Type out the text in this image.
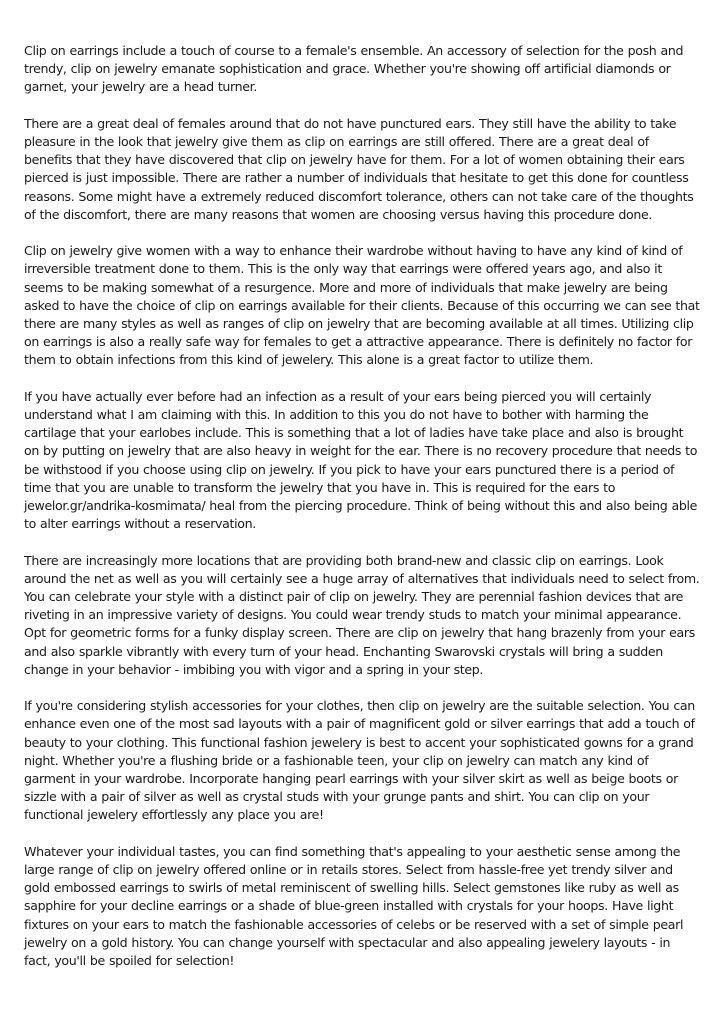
Clip on earrings include a touch of course to a female's ensemble. An accessory of selection for the posh and trendy, clip on jewelry emanate sophistication and grace. Whether you're showing off artificial diamonds or garnet, your jewelry are a head turner.

There are a great deal of females around that do not have punctured ears. They still have the ability to take pleasure in the look that jewelry give them as clip on earrings are still offered. There are a great deal of benefits that they have discovered that clip on jewelry have for them. For a lot of women obtaining their ears pierced is just impossible. There are rather a number of individuals that hesitate to get this done for countless reasons. Some might have a extremely reduced discomfort tolerance, others can not take care of the thoughts of the discomfort, there are many reasons that women are choosing versus having this procedure done.

Clip on jewelry give women with a way to enhance their wardrobe without having to have any kind of kind of irreversible treatment done to them. This is the only way that earrings were offered years ago, and also it seems to be making somewhat of a resurgence. More and more of individuals that make jewelry are being asked to have the choice of clip on earrings available for their clients. Because of this occurring we can see that there are many styles as well as ranges of clip on jewelry that are becoming available at all times. Utilizing clip on earrings is also a really safe way for females to get a attractive appearance. There is definitely no factor for them to obtain infections from this kind of jewelery. This alone is a great factor to utilize them.

If you have actually ever before had an infection as a result of your ears being pierced you will certainly understand what I am claiming with this. In addition to this you do not have to bother with harming the cartilage that your earlobes include. This is something that a lot of ladies have take place and also is brought on by putting on jewelry that are also heavy in weight for the ear. There is no recovery procedure that needs to be withstood if you choose using clip on jewelry. If you pick to have your ears punctured there is a period of time that you are unable to transform the jewelry that you have in. This is required for the ears to jewelor.gr/andrika-kosmimata/ heal from the piercing procedure. Think of being without this and also being able to alter earrings without a reservation.

There are increasingly more locations that are providing both brand-new and classic clip on earrings. Look around the net as well as you will certainly see a huge array of alternatives that individuals need to select from. You can celebrate your style with a distinct pair of clip on jewelry. They are perennial fashion devices that are riveting in an impressive variety of designs. You could wear trendy studs to match your minimal appearance. Opt for geometric forms for a funky display screen. There are clip on jewelry that hang brazenly from your ears and also sparkle vibrantly with every turn of your head. Enchanting Swarovski crystals will bring a sudden change in your behavior - imbibing you with vigor and a spring in your step.

If you're considering stylish accessories for your clothes, then clip on jewelry are the suitable selection. You can enhance even one of the most sad layouts with a pair of magnificent gold or silver earrings that add a touch of beauty to your clothing. This functional fashion jewelery is best to accent your sophisticated gowns for a grand night. Whether you're a flushing bride or a fashionable teen, your clip on jewelry can match any kind of garment in your wardrobe. Incorporate hanging pearl earrings with your silver skirt as well as beige boots or sizzle with a pair of silver as well as crystal studs with your grunge pants and shirt. You can clip on your functional jewelery effortlessly any place you are!

Whatever your individual tastes, you can find something that's appealing to your aesthetic sense among the large range of clip on jewelry offered online or in retails stores. Select from hassle-free yet trendy silver and gold embossed earrings to swirls of metal reminiscent of swelling hills. Select gemstones like ruby as well as sapphire for your decline earrings or a shade of blue-green installed with crystals for your hoops. Have light fixtures on your ears to match the fashionable accessories of celebs or be reserved with a set of simple pearl jewelry on a gold history. You can change yourself with spectacular and also appealing jewelery layouts - in fact, you'll be spoiled for selection!
